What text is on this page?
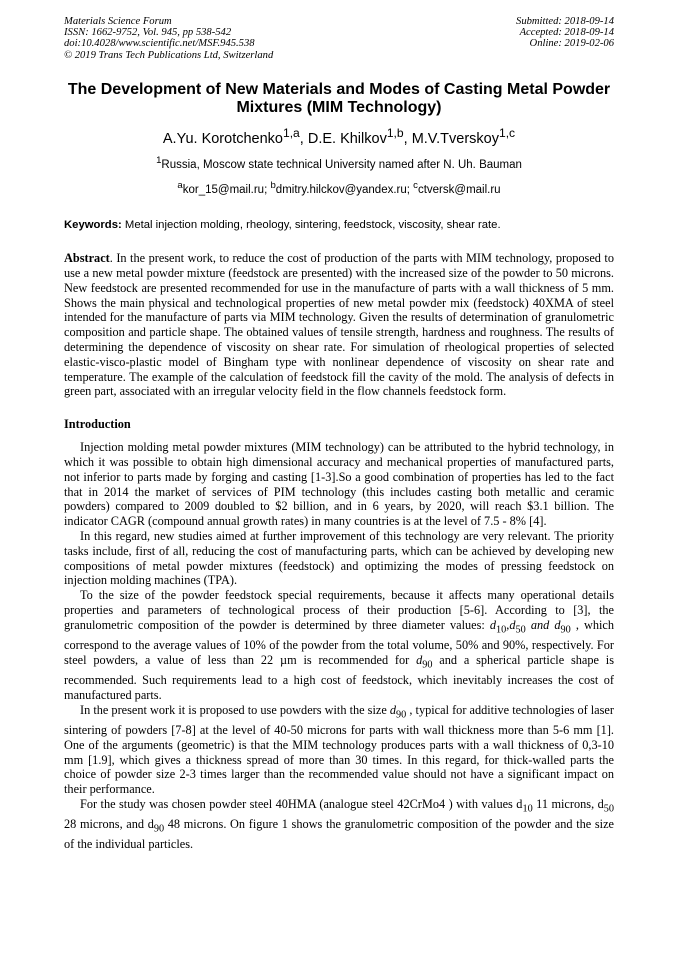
Materials Science Forum
ISSN: 1662-9752, Vol. 945, pp 538-542
doi:10.4028/www.scientific.net/MSF.945.538
© 2019 Trans Tech Publications Ltd, Switzerland
Submitted: 2018-09-14
Accepted: 2018-09-14
Online: 2019-02-06
The Development of New Materials and Modes of Casting Metal Powder Mixtures (MIM Technology)
A.Yu. Korotchenko$^{1,a}$, D.E. Khilkov$^{1,b}$, M.V.Tverskoy$^{1,c}$
$^1$Russia, Moscow state technical University named after N. Uh. Bauman
$^a$kor_15@mail.ru; $^b$dmitry.hilckov@yandex.ru; $^c$ctversk@mail.ru
Keywords: Metal injection molding, rheology, sintering, feedstock, viscosity, shear rate.
Abstract. In the present work, to reduce the cost of production of the parts with MIM technology, proposed to use a new metal powder mixture (feedstock are presented) with the increased size of the powder to 50 microns. New feedstock are presented recommended for use in the manufacture of parts with a wall thickness of 5 mm. Shows the main physical and technological properties of new metal powder mix (feedstock) 40XMA of steel intended for the manufacture of parts via MIM technology. Given the results of determination of granulometric composition and particle shape. The obtained values of tensile strength, hardness and roughness. The results of determining the dependence of viscosity on shear rate. For simulation of rheological properties of selected elastic-visco-plastic model of Bingham type with nonlinear dependence of viscosity on shear rate and temperature. The example of the calculation of feedstock fill the cavity of the mold. The analysis of defects in green part, associated with an irregular velocity field in the flow channels feedstock form.
Introduction

Injection molding metal powder mixtures (MIM technology) can be attributed to the hybrid technology, in which it was possible to obtain high dimensional accuracy and mechanical properties of manufactured parts, not inferior to parts made by forging and casting [1-3].So a good combination of properties has led to the fact that in 2014 the market of services of PIM technology (this includes casting both metallic and ceramic powders) compared to 2009 doubled to $2 billion, and in 6 years, by 2020, will reach $3.1 billion. The indicator CAGR (compound annual growth rates) in many countries is at the level of 7.5 - 8% [4].

In this regard, new studies aimed at further improvement of this technology are very relevant. The priority tasks include, first of all, reducing the cost of manufacturing parts, which can be achieved by developing new compositions of metal powder mixtures (feedstock) and optimizing the modes of pressing feedstock on injection molding machines (TPA).

To the size of the powder feedstock special requirements, because it affects many operational details properties and parameters of technological process of their production [5-6]. According to [3], the granulometric composition of the powder is determined by three diameter values: $d_{10},d_{50}$ and $d_{90}$ , which correspond to the average values of 10% of the powder from the total volume, 50% and 90%, respectively. For steel powders, a value of less than 22 µm is recommended for $d_{90}$ and a spherical particle shape is recommended. Such requirements lead to a high cost of feedstock, which inevitably increases the cost of manufactured parts.

In the present work it is proposed to use powders with the size $d_{90}$ , typical for additive technologies of laser sintering of powders [7-8] at the level of 40-50 microns for parts with wall thickness more than 5-6 mm [1]. One of the arguments (geometric) is that the MIM technology produces parts with a wall thickness of 0,3-10 mm [1.9], which gives a thickness spread of more than 30 times. In this regard, for thick-walled parts the choice of powder size 2-3 times larger than the recommended value should not have a significant impact on their performance.

For the study was chosen powder steel 40HMA (analogue steel 42CrMo4 ) with values $d_{10}$ 11 microns, $d_{50}$ 28 microns, and $d_{90}$ 48 microns. On figure 1 shows the granulometric composition of the powder and the size of the individual particles.
